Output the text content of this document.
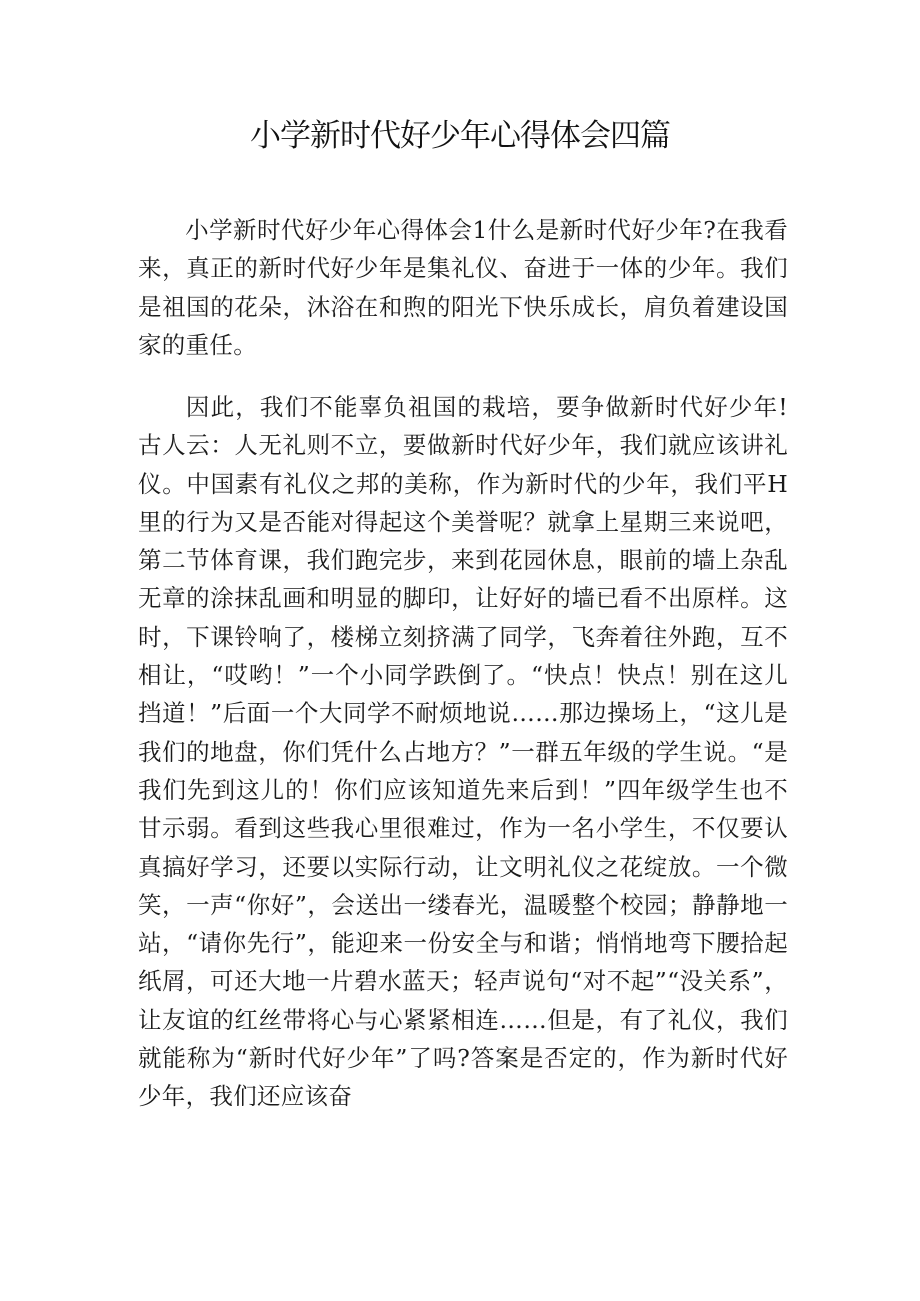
小学新时代好少年心得体会四篇

小学新时代好少年心得体会1什么是新时代好少年?在我看来，真正的新时代好少年是集礼仪、奋进于一体的少年。我们是祖国的花朵，沐浴在和煦的阳光下快乐成长，肩负着建设国家的重任。

因此，我们不能辜负祖国的栽培，要争做新时代好少年!古人云：人无礼则不立，要做新时代好少年，我们就应该讲礼仪。中国素有礼仪之邦的美称，作为新时代的少年，我们平H里的行为又是否能对得起这个美誉呢？就拿上星期三来说吧，第二节体育课，我们跑完步，来到花园休息，眼前的墙上杂乱无章的涂抹乱画和明显的脚印，让好好的墙已看不出原样。这时，下课铃响了，楼梯立刻挤满了同学，飞奔着往外跑，互不相让，“哎哟！”一个小同学跌倒了。“快点！快点！别在这儿挡道！”后面一个大同学不耐烦地说……那边操场上，“这儿是我们的地盘，你们凭什么占地方？”一群五年级的学生说。“是我们先到这儿的！你们应该知道先来后到！”四年级学生也不甘示弱。看到这些我心里很难过，作为一名小学生，不仅要认真搞好学习，还要以实际行动，让文明礼仪之花绽放。一个微笑，一声“你好”，会送出一缕春光，温暖整个校园；静静地一站，“请你先行”，能迎来一份安全与和谐；悄悄地弯下腰拾起纸屑，可还大地一片碧水蓝天；轻声说句“对不起”“没关系”，让友谊的红丝带将心与心紧紧相连……但是，有了礼仪，我们就能称为“新时代好少年”了吗?答案是否定的，作为新时代好少年，我们还应该奋
